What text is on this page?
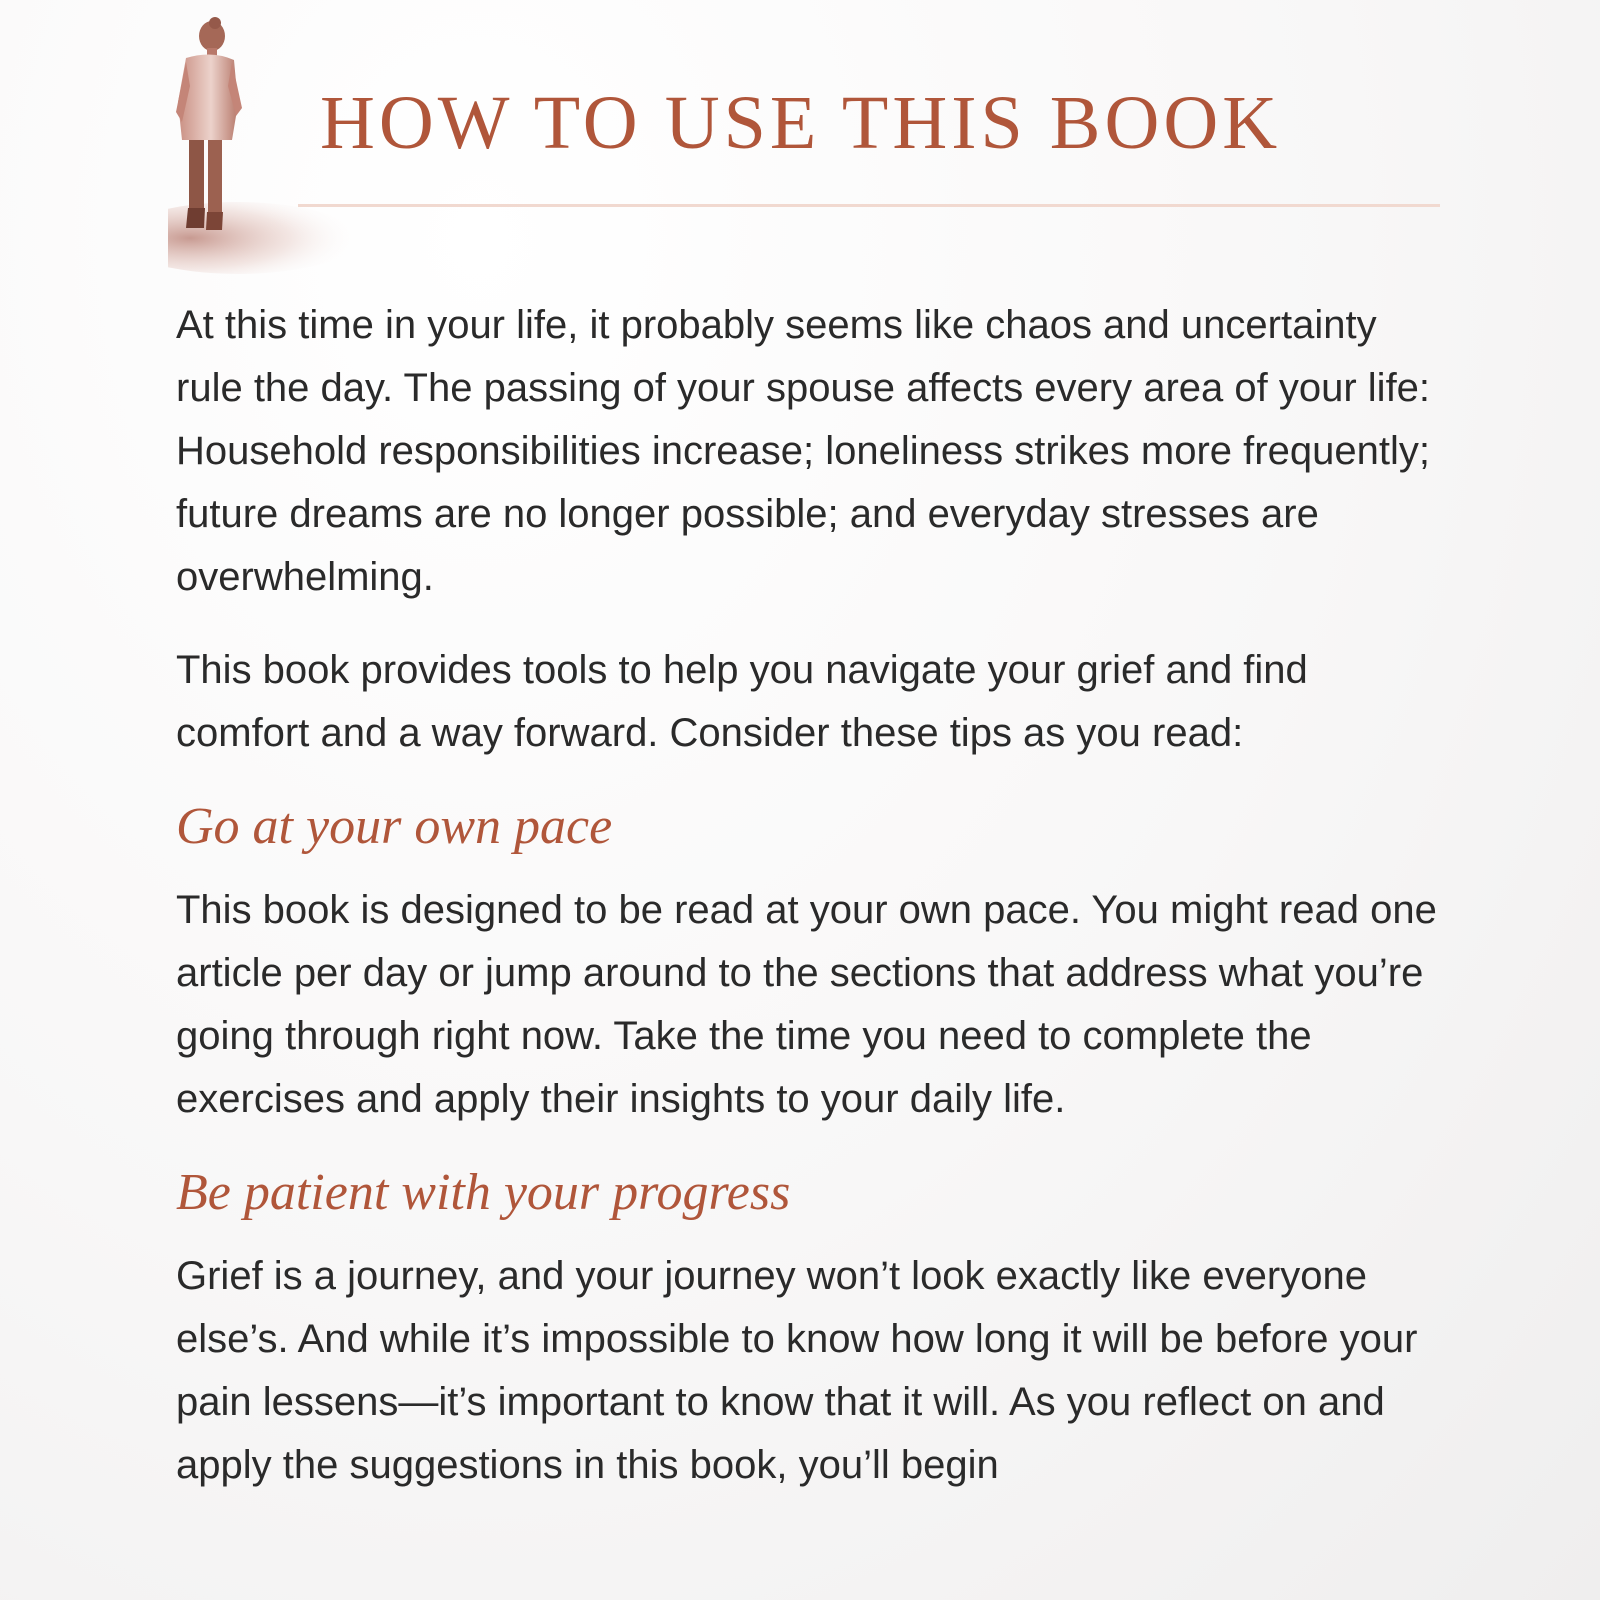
HOW TO USE THIS BOOK

At this time in your life, it probably seems like chaos and uncertainty rule the day. The passing of your spouse affects every area of your life: Household responsibilities increase; loneliness strikes more frequently; future dreams are no longer possible; and everyday stresses are overwhelming.

This book provides tools to help you navigate your grief and find comfort and a way forward. Consider these tips as you read:

Go at your own pace

This book is designed to be read at your own pace. You might read one article per day or jump around to the sections that address what you’re going through right now. Take the time you need to complete the exercises and apply their insights to your daily life.

Be patient with your progress

Grief is a journey, and your journey won’t look exactly like everyone else’s. And while it’s impossible to know how long it will be before your pain lessens—it’s important to know that it will. As you reflect on and apply the suggestions in this book, you’ll begin
